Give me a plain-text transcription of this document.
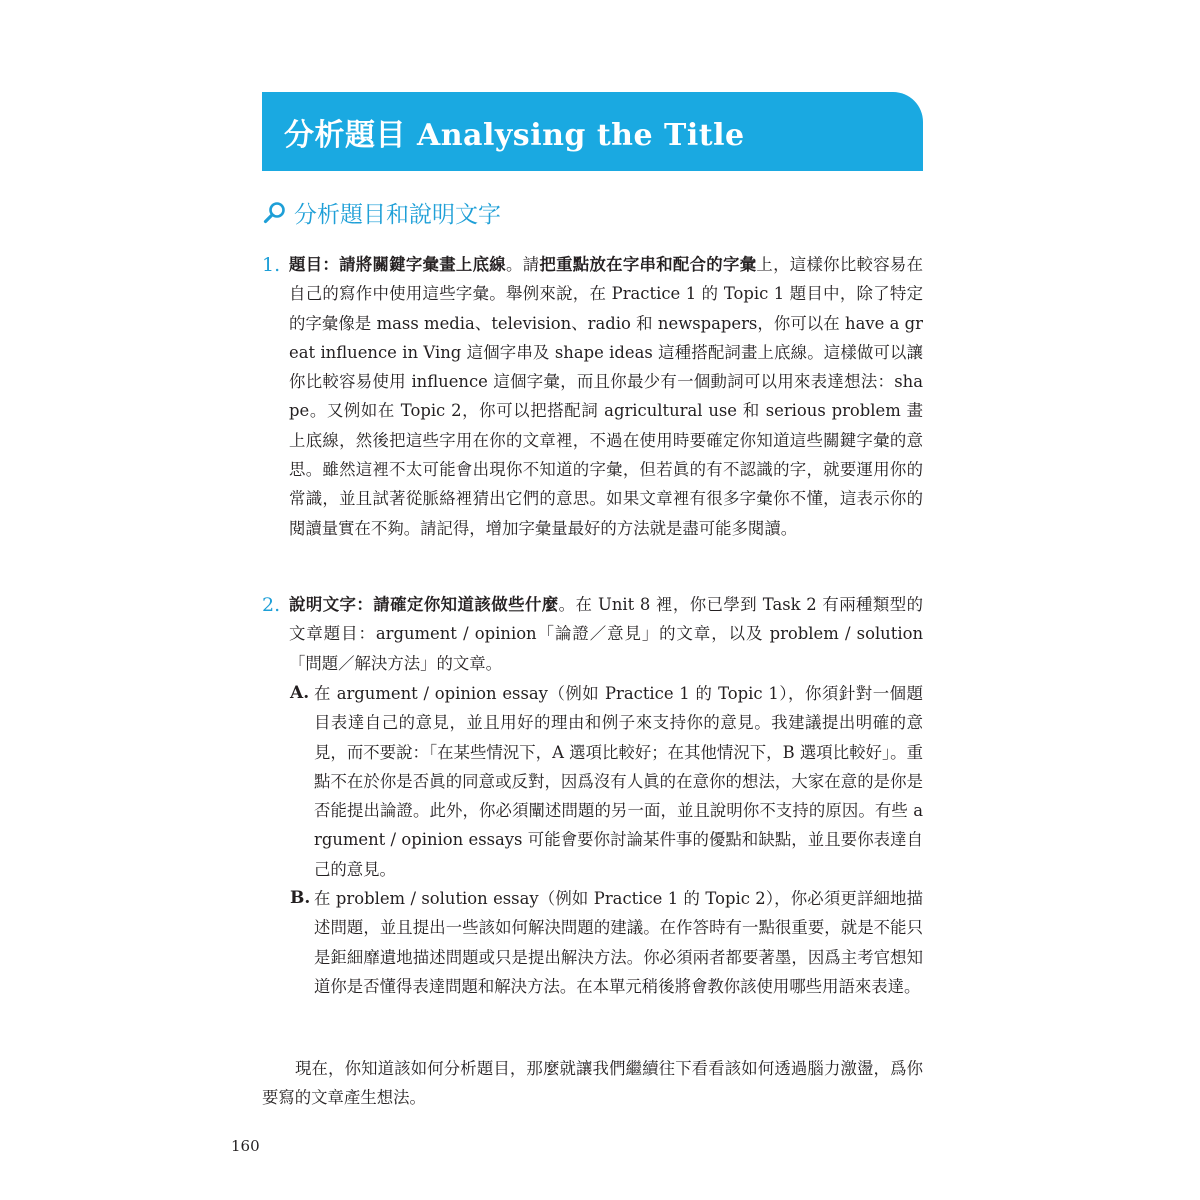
分析題目 Analysing the Title
分析題目和說明文字
1. 題目：請將關鍵字彙畫上底線。請把重點放在字串和配合的字彙上，這樣你比較容易在自己的寫作中使用這些字彙。舉例來說，在 Practice 1 的 Topic 1 題目中，除了特定的字彙像是 mass media、television、radio 和 newspapers，你可以在 have a great influence in Ving 這個字串及 shape ideas 這種搭配詞畫上底線。這樣做可以讓你比較容易使用 influence 這個字彙，而且你最少有一個動詞可以用來表達想法：shape。又例如在 Topic 2，你可以把搭配詞 agricultural use 和 serious problem 畫上底線，然後把這些字用在你的文章裡，不過在使用時要確定你知道這些關鍵字彙的意思。雖然這裡不太可能會出現你不知道的字彙，但若眞的有不認識的字，就要運用你的常識，並且試著從脈絡裡猜出它們的意思。如果文章裡有很多字彙你不懂，這表示你的閱讀量實在不夠。請記得，增加字彙量最好的方法就是盡可能多閱讀。
2. 說明文字：請確定你知道該做些什麼。在 Unit 8 裡，你已學到 Task 2 有兩種類型的文章題目：argument / opinion「論證／意見」的文章，以及 problem / solution「問題／解決方法」的文章。
A. 在 argument / opinion essay（例如 Practice 1 的 Topic 1），你須針對一個題目表達自己的意見，並且用好的理由和例子來支持你的意見。我建議提出明確的意見，而不要說：「在某些情況下，A 選項比較好；在其他情況下，B 選項比較好」。重點不在於你是否眞的同意或反對，因爲沒有人眞的在意你的想法，大家在意的是你是否能提出論證。此外，你必須闡述問題的另一面，並且說明你不支持的原因。有些 argument / opinion essays 可能會要你討論某件事的優點和缺點，並且要你表達自己的意見。
B. 在 problem / solution essay（例如 Practice 1 的 Topic 2），你必須更詳細地描述問題，並且提出一些該如何解決問題的建議。在作答時有一點很重要，就是不能只是鉅細靡遺地描述問題或只是提出解決方法。你必須兩者都要著墨，因爲主考官想知道你是否懂得表達問題和解決方法。在本單元稍後將會教你該使用哪些用語來表達。
現在，你知道該如何分析題目，那麼就讓我們繼續往下看看該如何透過腦力激盪，爲你要寫的文章產生想法。
160
